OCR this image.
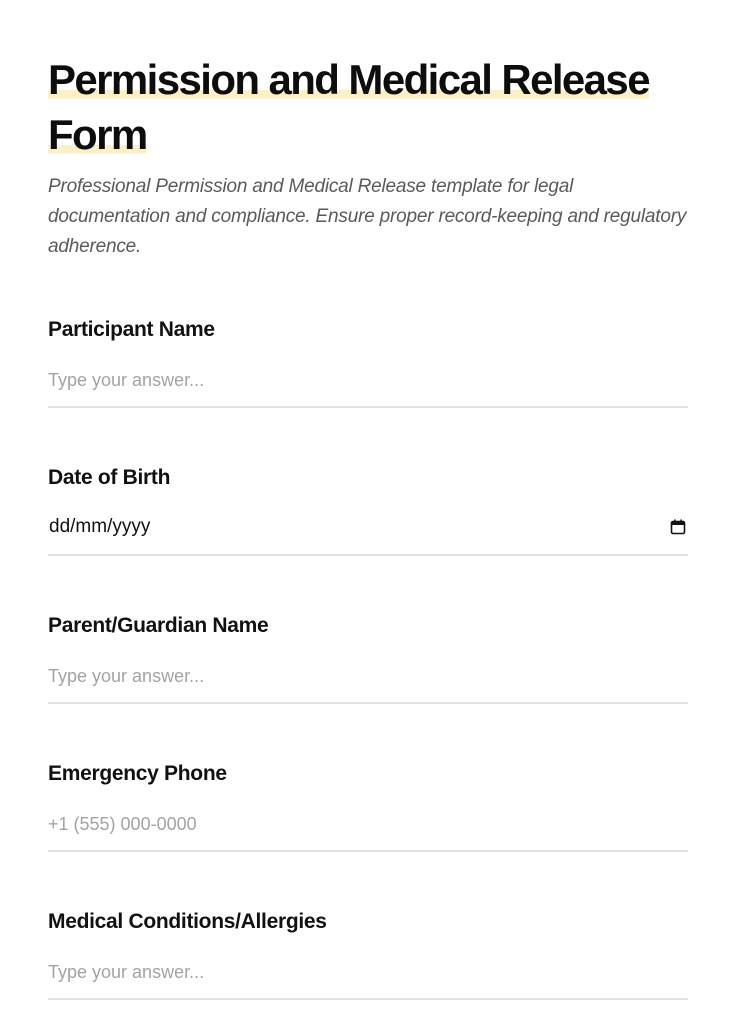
Permission and Medical Release Form

Professional Permission and Medical Release template for legal documentation and compliance. Ensure proper record-keeping and regulatory adherence.

Participant Name
Type your answer...
Date of Birth
dd/mm/yyyy
Parent/Guardian Name
Type your answer...
Emergency Phone
+1 (555) 000-0000
Medical Conditions/Allergies
Type your answer...
